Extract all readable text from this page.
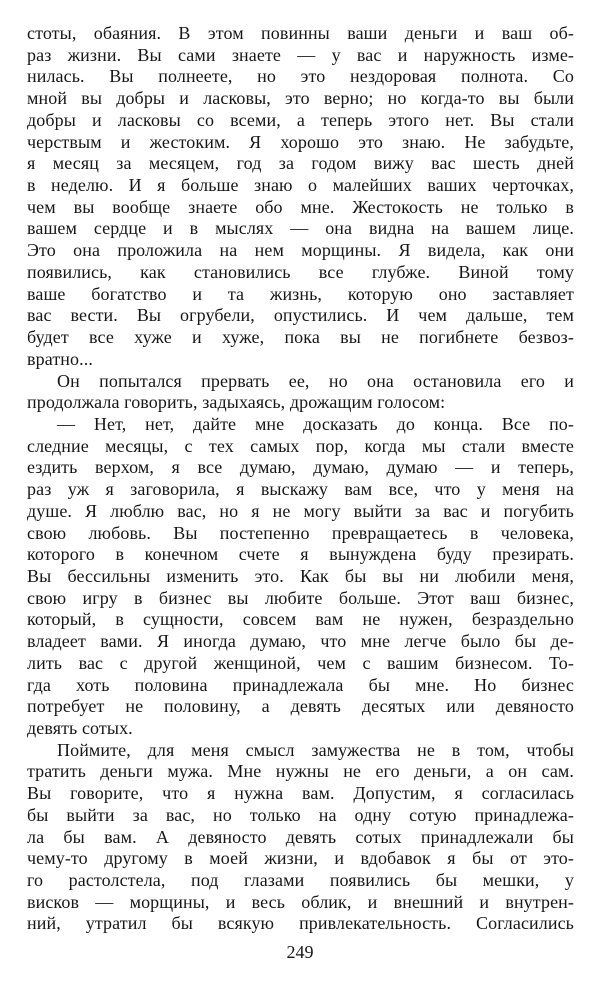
стоты, обаяния. В этом повинны ваши деньги и ваш об-
раз жизни. Вы сами знаете — у вас и наружность изме-
нилась. Вы полнеете, но это нездоровая полнота. Со
мной вы добры и ласковы, это верно; но когда-то вы были
добры и ласковы со всеми, а теперь этого нет. Вы стали
черствым и жестоким. Я хорошо это знаю. Не забудьте,
я месяц за месяцем, год за годом вижу вас шесть дней
в неделю. И я больше знаю о малейших ваших черточках,
чем вы вообще знаете обо мне. Жестокость не только в
вашем сердце и в мыслях — она видна на вашем лице.
Это она проложила на нем морщины. Я видела, как они
появились, как становились все глубже. Виной тому
ваше богатство и та жизнь, которую оно заставляет
вас вести. Вы огрубели, опустились. И чем дальше, тем
будет все хуже и хуже, пока вы не погибнете безвоз-
вратно...
Он попытался прервать ее, но она остановила его и
продолжала говорить, задыхаясь, дрожащим голосом:
— Нет, нет, дайте мне досказать до конца. Все по-
следние месяцы, с тех самых пор, когда мы стали вместе
ездить верхом, я все думаю, думаю, думаю — и теперь,
раз уж я заговорила, я выскажу вам все, что у меня на
душе. Я люблю вас, но я не могу выйти за вас и погубить
свою любовь. Вы постепенно превращаетесь в человека,
которого в конечном счете я вынуждена буду презирать.
Вы бессильны изменить это. Как бы вы ни любили меня,
свою игру в бизнес вы любите больше. Этот ваш бизнес,
который, в сущности, совсем вам не нужен, безраздельно
владеет вами. Я иногда думаю, что мне легче было бы де-
лить вас с другой женщиной, чем с вашим бизнесом. То-
гда хоть половина принадлежала бы мне. Но бизнес
потребует не половину, а девять десятых или девяносто
девять сотых.
Поймите, для меня смысл замужества не в том, чтобы
тратить деньги мужа. Мне нужны не его деньги, а он сам.
Вы говорите, что я нужна вам. Допустим, я согласилась
бы выйти за вас, но только на одну сотую принадлежа-
ла бы вам. А девяносто девять сотых принадлежали бы
чему-то другому в моей жизни, и вдобавок я бы от это-
го растолстела, под глазами появились бы мешки, у
висков — морщины, и весь облик, и внешний и внутрен-
ний, утратил бы всякую привлекательность. Согласились
249
